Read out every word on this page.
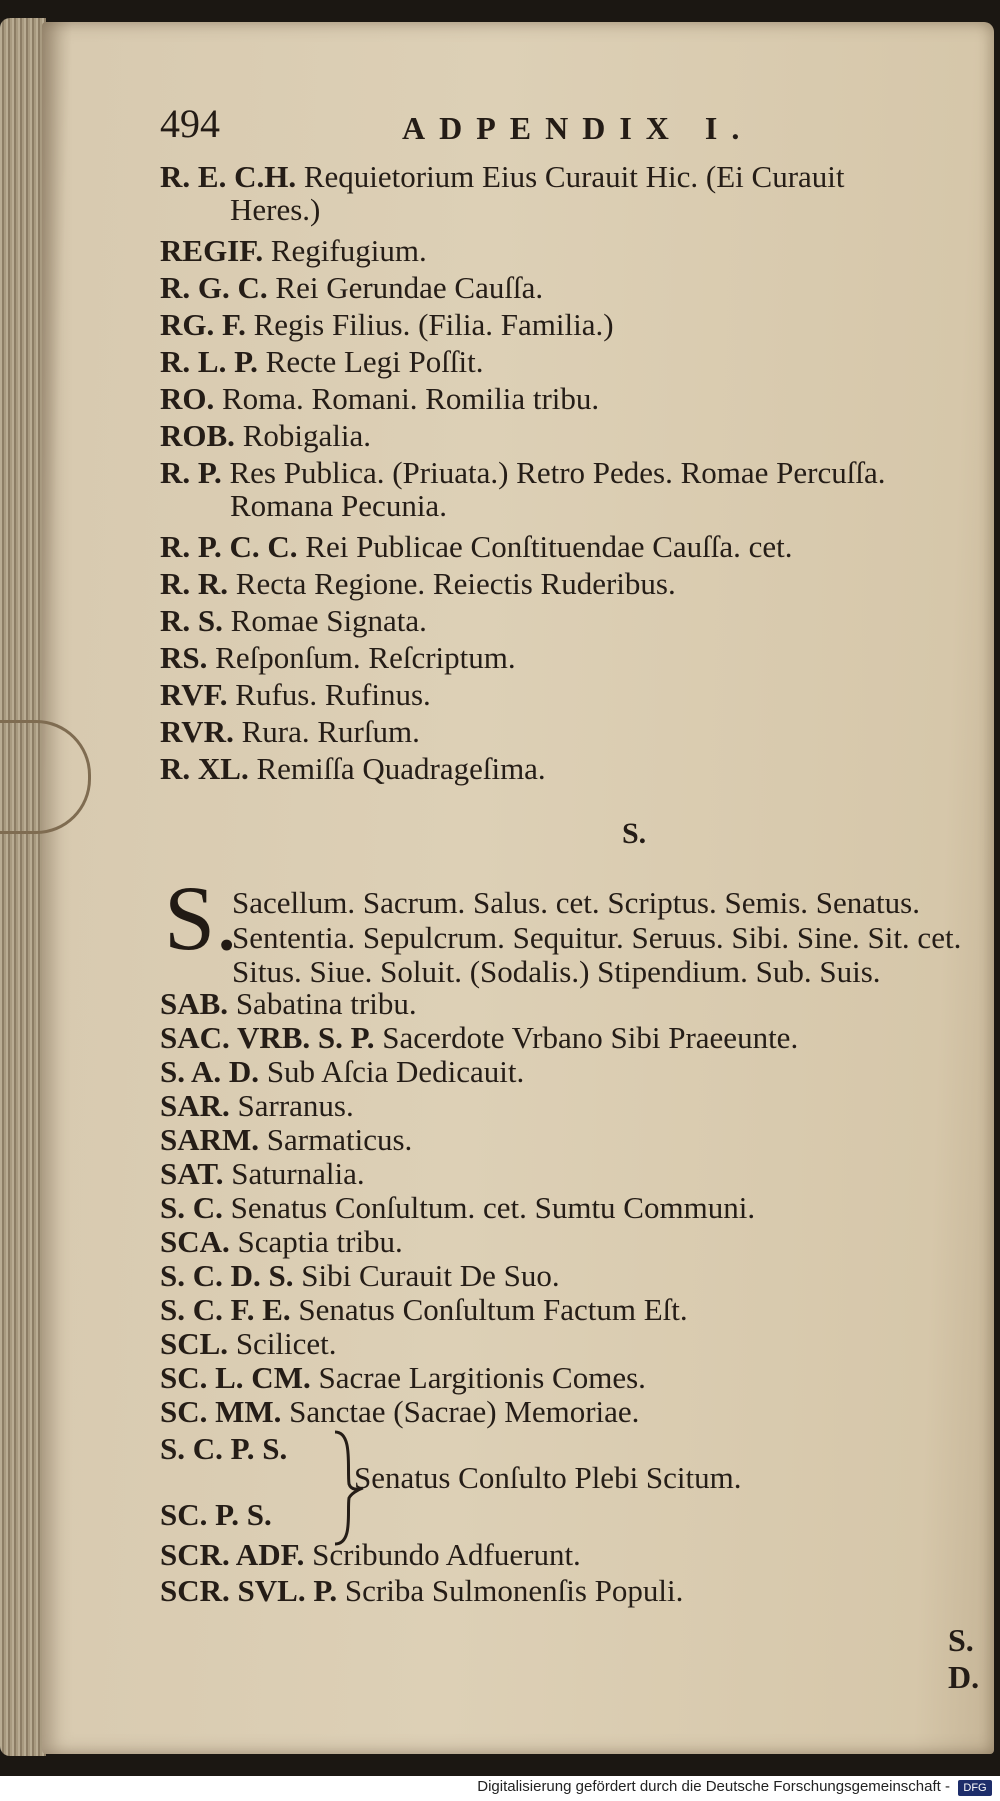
494	ADPENDIX I.
R. E. C.H. Requietorium Eius Curauit Hic. (Ei Curauit
Heres.)
REGIF. Regifugium.
R. G. C. Rei Gerundae Cauſſa.
RG. F. Regis Filius. (Filia. Familia.)
R. L. P. Recte Legi Poſſit.
RO. Roma. Romani. Romilia tribu.
ROB. Robigalia.
R. P. Res Publica. (Priuata.) Retro Pedes. Romae Percuſſa.
Romana Pecunia.
R. P. C. C. Rei Publicae Conſtituendae Cauſſa. cet.
R. R. Recta Regione. Reiectis Ruderibus.
R. S. Romae Signata.
RS. Reſponſum. Reſcriptum.
RVF. Rufus. Rufinus.
RVR. Rura. Rurſum.
R. XL. Remiſſa Quadrageſima.
S.
S.
Sacellum. Sacrum. Salus. cet. Scriptus. Semis. Senatus. Sententia. Sepulcrum. Sequitur. Seruus. Sibi. Sine. Sit. cet. Situs. Siue. Soluit. (Sodalis.) Stipendium. Sub. Suis.
SAB. Sabatina tribu.
SAC. VRB. S. P. Sacerdote Vrbano Sibi Praeeunte.
S. A. D. Sub Aſcia Dedicauit.
SAR. Sarranus.
SARM. Sarmaticus.
SAT. Saturnalia.
S. C. Senatus Conſultum. cet. Sumtu Communi.
SCA. Scaptia tribu.
S. C. D. S. Sibi Curauit De Suo.
S. C. F. E. Senatus Conſultum Factum Eſt.
SCL. Scilicet.
SC. L. CM. Sacrae Largitionis Comes.
SC. MM. Sanctae (Sacrae) Memoriae.
S. C. P. S.
SC. P. S.
Senatus Conſulto Plebi Scitum.
SCR. ADF. Scribundo Adfuerunt.
SCR. SVL. P. Scriba Sulmonenſis Populi.
S. D.
Digitalisierung gefördert durch die Deutsche Forschungsgemeinschaft -	DFG
